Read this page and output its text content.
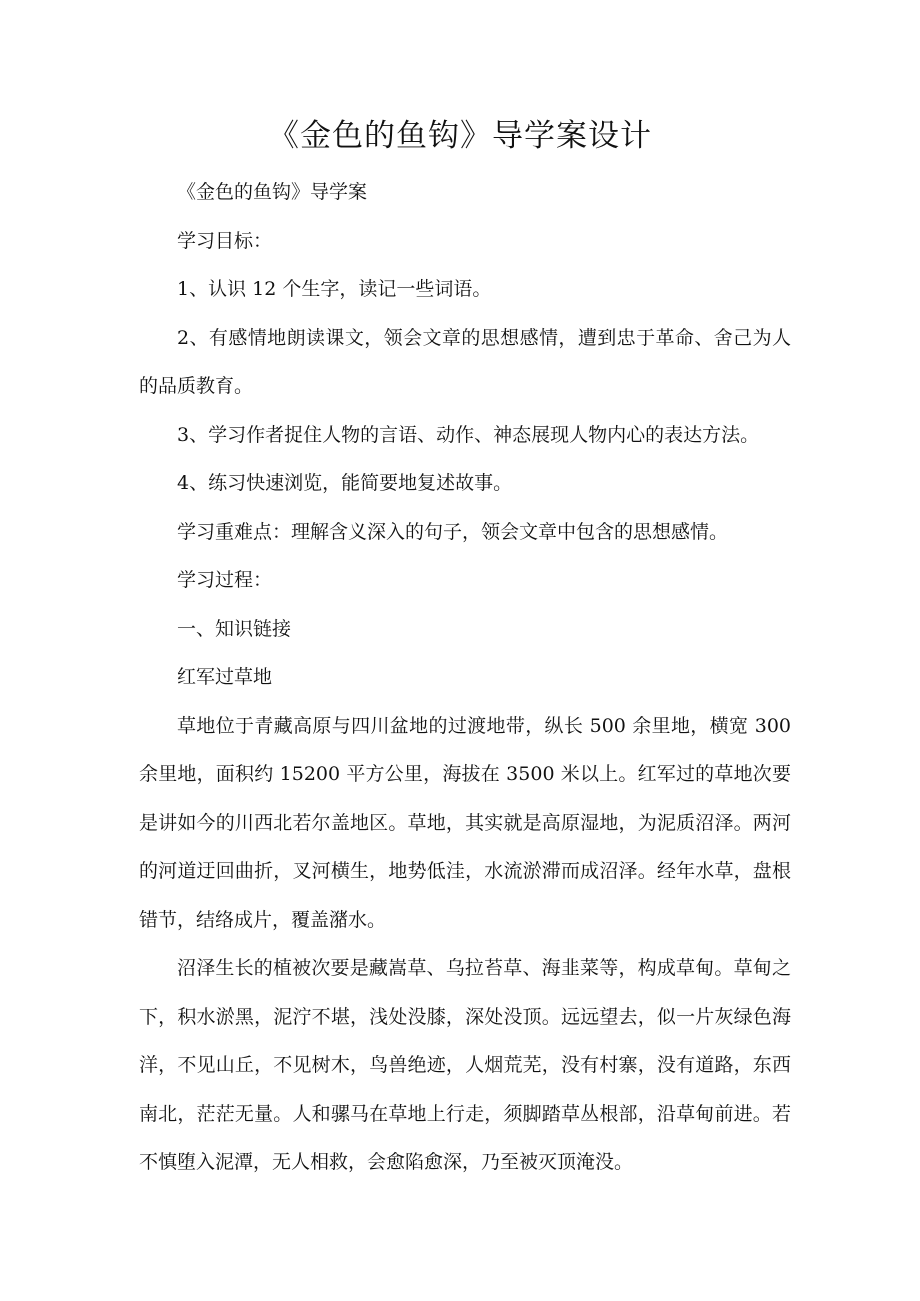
《金色的鱼钩》导学案设计

《金色的鱼钩》导学案

学习目标：

1、认识 12 个生字，读记一些词语。

2、有感情地朗读课文，领会文章的思想感情，遭到忠于革命、舍己为人的品质教育。

3、学习作者捉住人物的言语、动作、神态展现人物内心的表达方法。

4、练习快速浏览，能简要地复述故事。

学习重难点：理解含义深入的句子，领会文章中包含的思想感情。

学习过程：

一、知识链接

红军过草地

草地位于青藏高原与四川盆地的过渡地带，纵长 500 余里地，横宽 300 余里地，面积约 15200 平方公里，海拔在 3500 米以上。红军过的草地次要是讲如今的川西北若尔盖地区。草地，其实就是高原湿地，为泥质沼泽。两河的河道迂回曲折，叉河横生，地势低洼，水流淤滞而成沼泽。经年水草，盘根错节，结络成片，覆盖潴水。

沼泽生长的植被次要是藏嵩草、乌拉苔草、海韭菜等，构成草甸。草甸之下，积水淤黑，泥泞不堪，浅处没膝，深处没顶。远远望去，似一片灰绿色海洋，不见山丘，不见树木，鸟兽绝迹，人烟荒芜，没有村寨，没有道路，东西南北，茫茫无量。人和骡马在草地上行走，须脚踏草丛根部，沿草甸前进。若不慎堕入泥潭，无人相救，会愈陷愈深，乃至被灭顶淹没。
